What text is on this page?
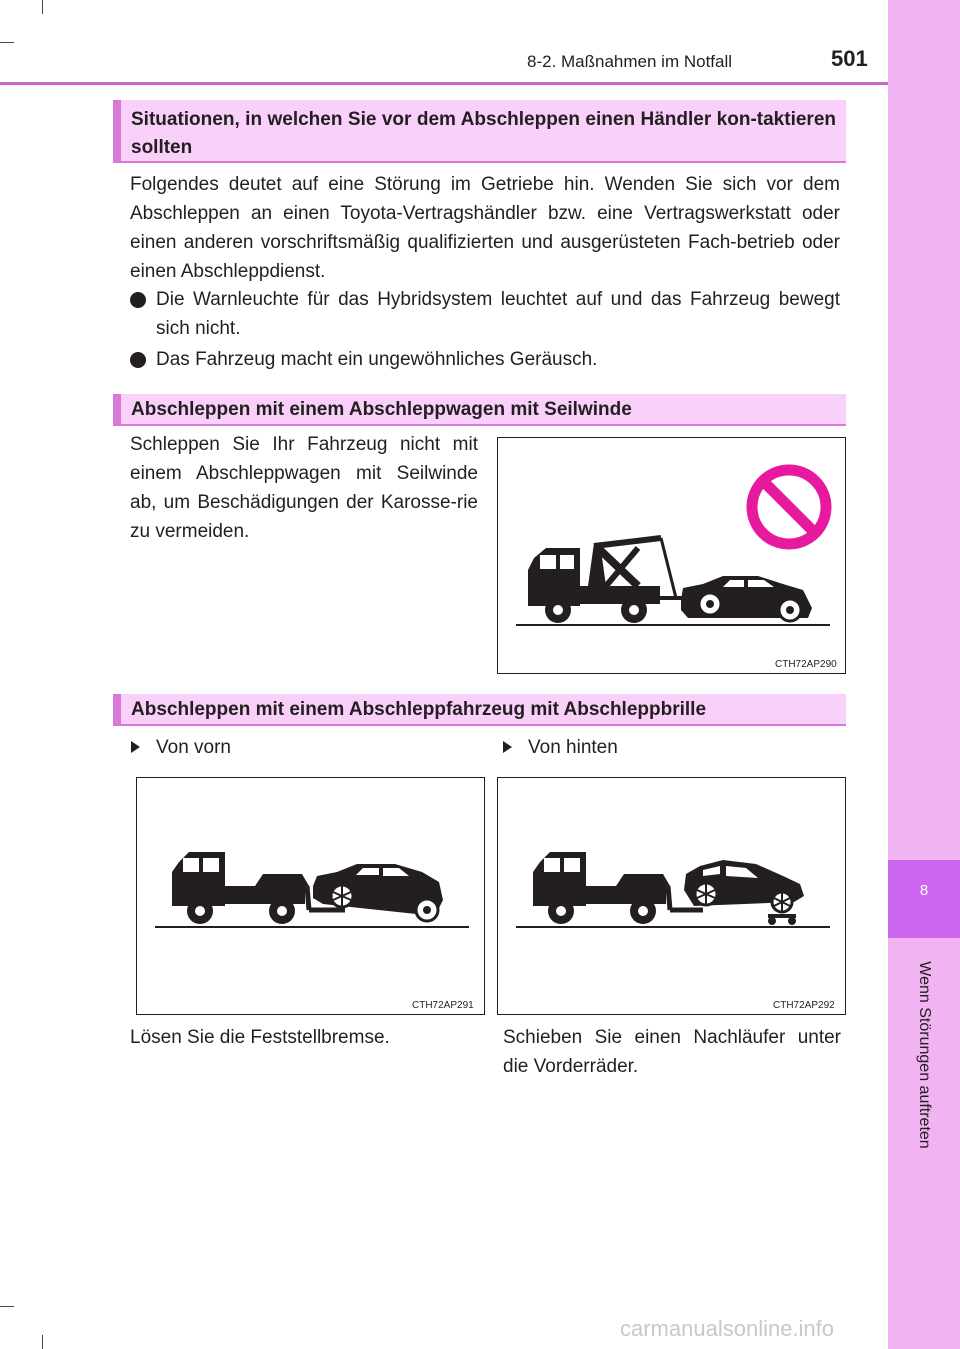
8
Wenn Störungen auftreten
8-2. Maßnahmen im Notfall	501
Situationen, in welchen Sie vor dem Abschleppen einen Händler kon-taktieren sollten
Folgendes deutet auf eine Störung im Getriebe hin. Wenden Sie sich vor dem Abschleppen an einen Toyota-Vertragshändler bzw. eine Vertragswerkstatt oder einen anderen vorschriftsmäßig qualifizierten und ausgerüsteten Fach-betrieb oder einen Abschleppdienst.
Die Warnleuchte für das Hybridsystem leuchtet auf und das Fahrzeug bewegt sich nicht.
Das Fahrzeug macht ein ungewöhnliches Geräusch.
Abschleppen mit einem Abschleppwagen mit Seilwinde
Schleppen Sie Ihr Fahrzeug nicht mit einem Abschleppwagen mit Seilwinde ab, um Beschädigungen der Karosse-rie zu vermeiden.
CTH72AP290
Abschleppen mit einem Abschleppfahrzeug mit Abschleppbrille
Von vorn	Von hinten
CTH72AP291	CTH72AP292
Lösen Sie die Feststellbremse.	Schieben Sie einen Nachläufer unter die Vorderräder.
carmanualsonline.info
